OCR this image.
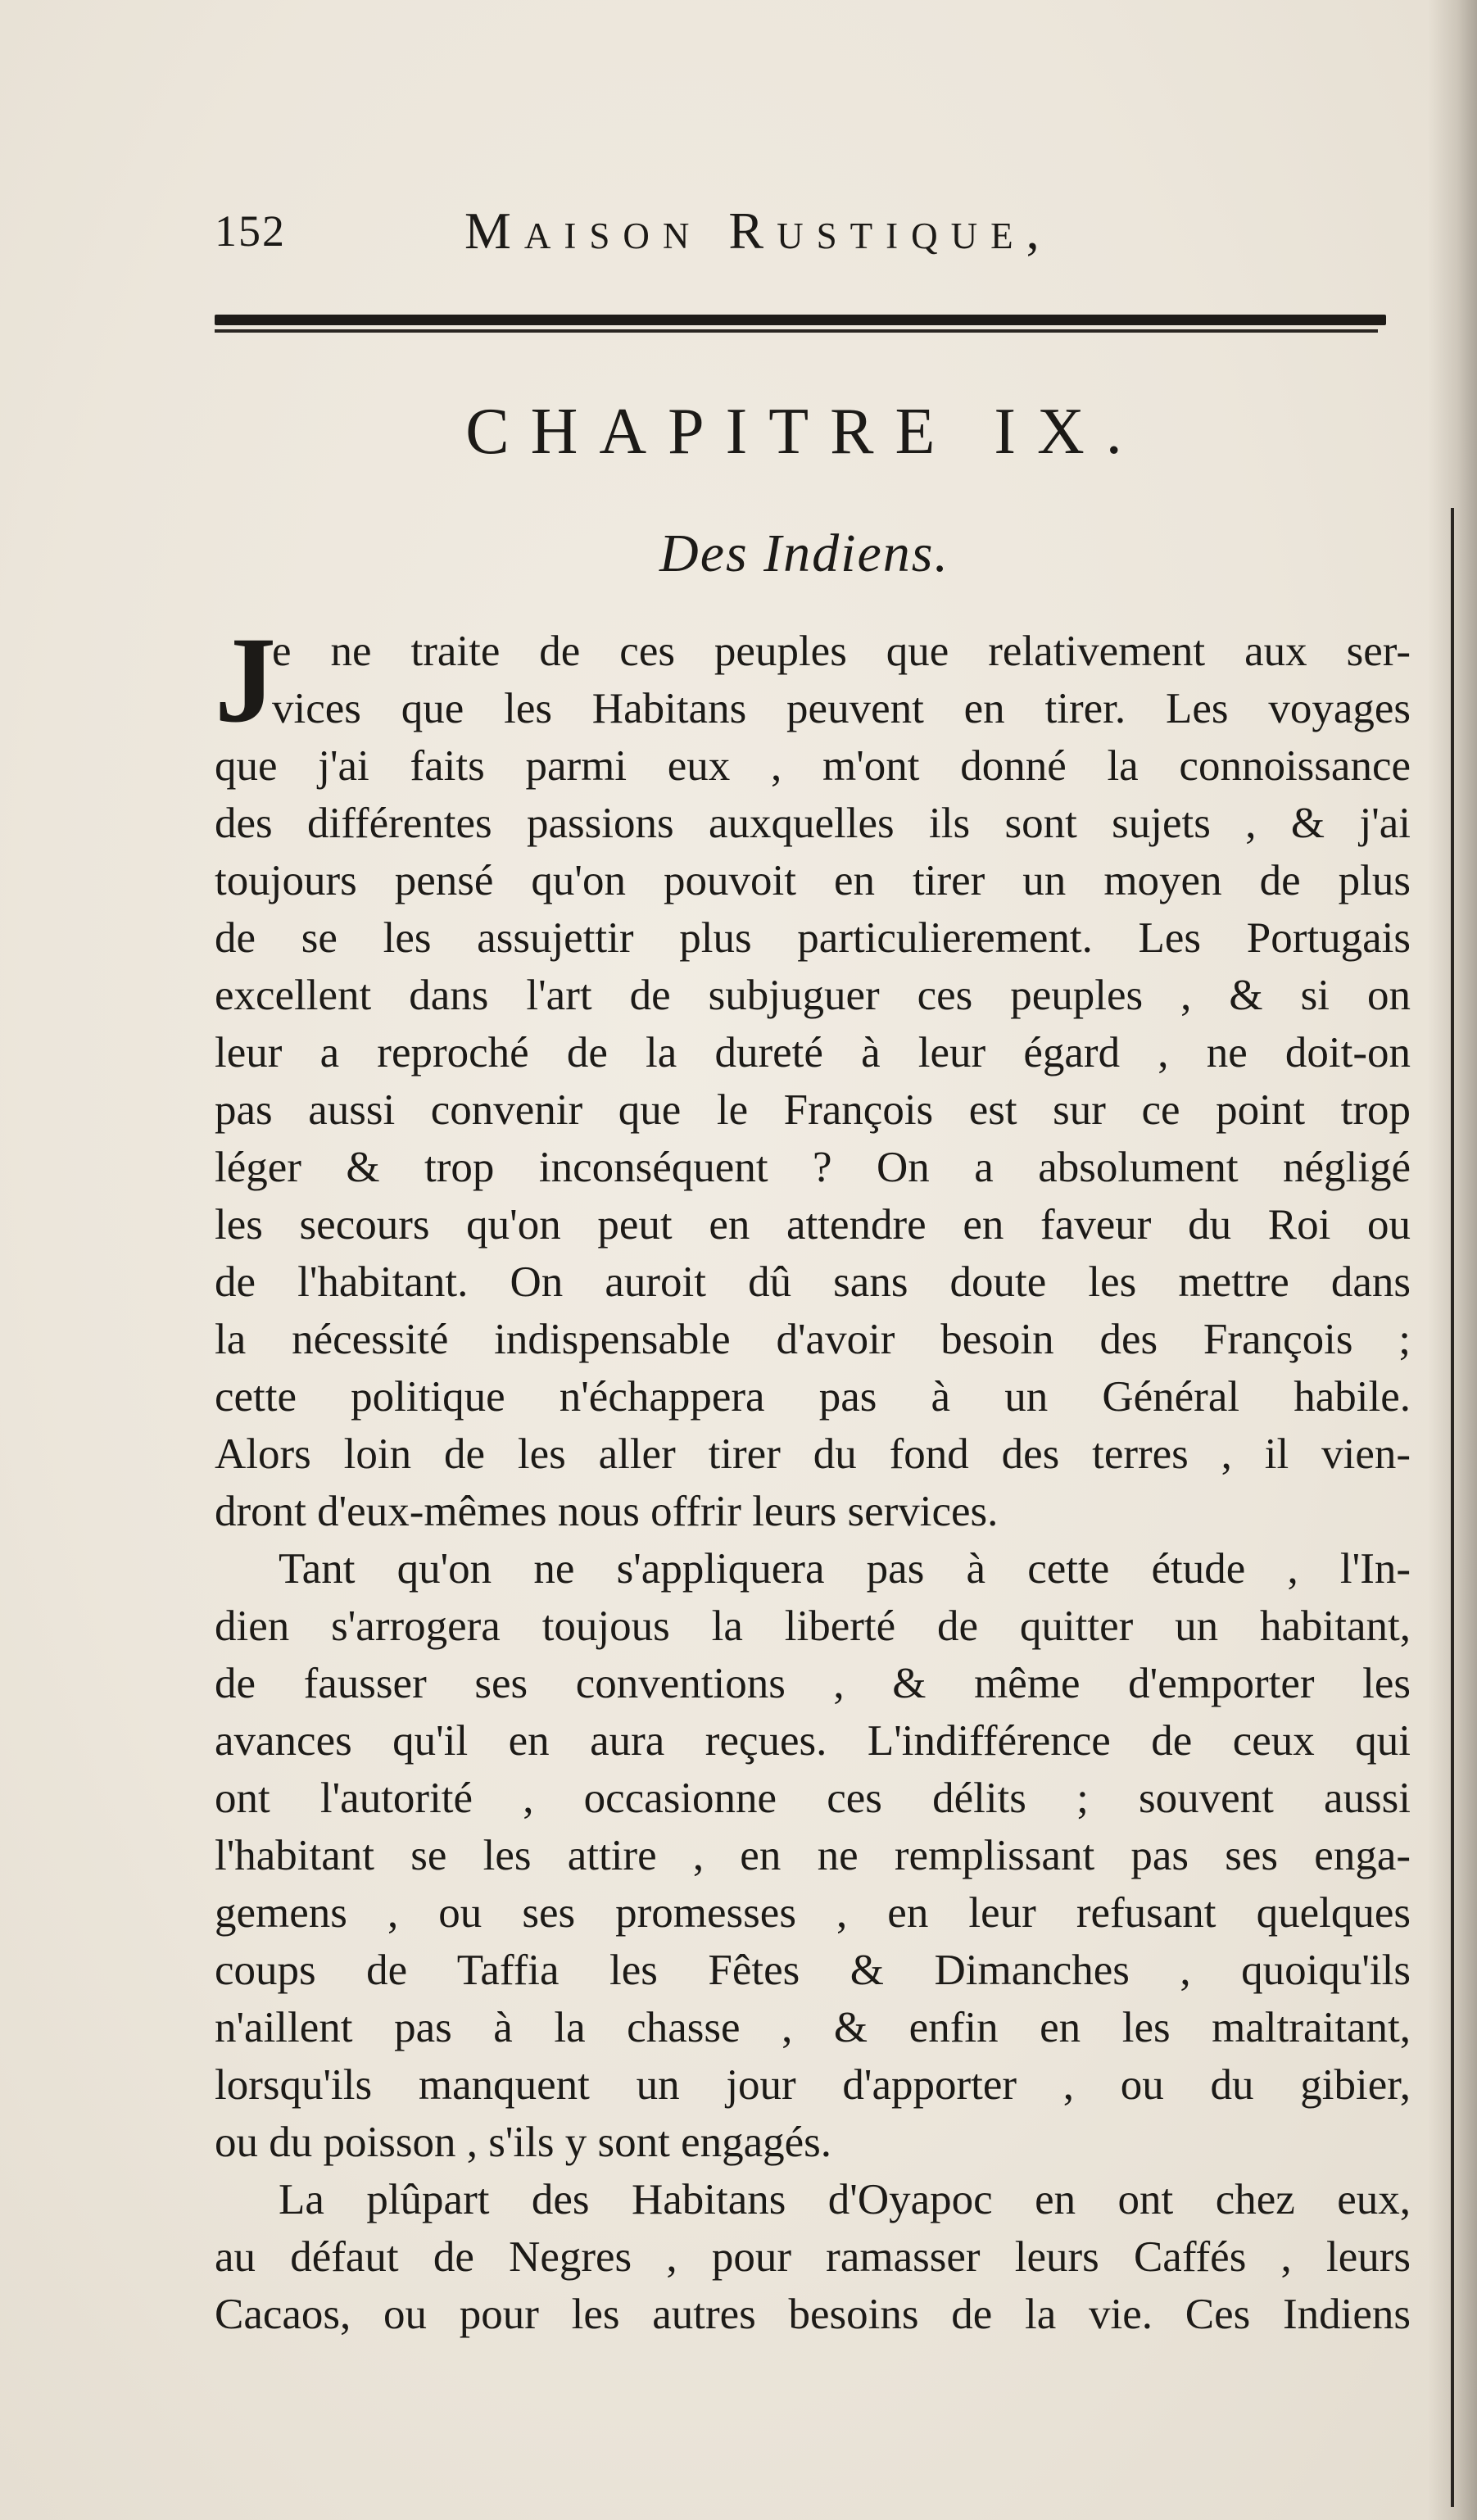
152	Maison Rustique,
CHAPITRE IX.
Des Indiens.
J
e ne traite de ces peuples que relativement aux ser-
vices que les Habitans peuvent en tirer. Les voyages
que j'ai faits parmi eux , m'ont donné la connoissance
des différentes passions auxquelles ils sont sujets , & j'ai
toujours pensé qu'on pouvoit en tirer un moyen de plus
de se les assujettir plus particulierement. Les Portugais
excellent dans l'art de subjuguer ces peuples , & si on
leur a reproché de la dureté à leur égard , ne doit-on
pas aussi convenir que le François est sur ce point trop
léger & trop inconséquent ? On a absolument négligé
les secours qu'on peut en attendre en faveur du Roi ou
de l'habitant. On auroit dû sans doute les mettre dans
la nécessité indispensable d'avoir besoin des François ;
cette politique n'échappera pas à un Général habile.
Alors loin de les aller tirer du fond des terres , il vien-
dront d'eux-mêmes nous offrir leurs services.
Tant qu'on ne s'appliquera pas à cette étude , l'In-
dien s'arrogera toujous la liberté de quitter un habitant,
de fausser ses conventions , & même d'emporter les
avances qu'il en aura reçues. L'indifférence de ceux qui
ont l'autorité , occasionne ces délits ; souvent aussi
l'habitant se les attire , en ne remplissant pas ses enga-
gemens , ou ses promesses , en leur refusant quelques
coups de Taffia les Fêtes & Dimanches , quoiqu'ils
n'aillent pas à la chasse , & enfin en les maltraitant,
lorsqu'ils manquent un jour d'apporter , ou du gibier,
ou du poisson , s'ils y sont engagés.
La plûpart des Habitans d'Oyapoc en ont chez eux,
au défaut de Negres , pour ramasser leurs Caffés , leurs
Cacaos, ou pour les autres besoins de la vie. Ces Indiens
